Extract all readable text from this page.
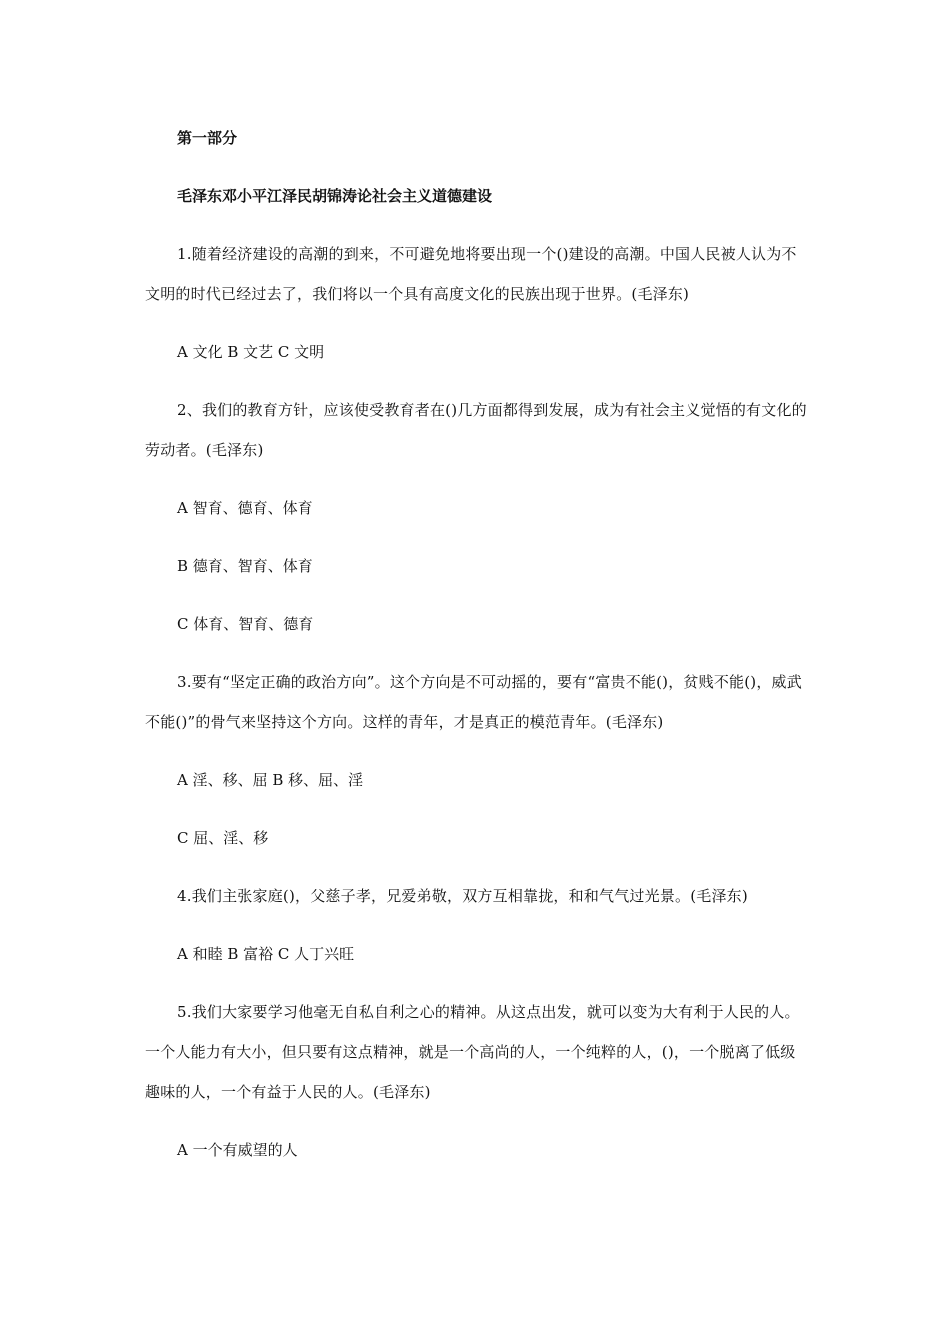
第一部分
毛泽东邓小平江泽民胡锦涛论社会主义道德建设
1.随着经济建设的高潮的到来，不可避免地将要出现一个()建设的高潮。中国人民被人认为不文明的时代已经过去了，我们将以一个具有高度文化的民族出现于世界。(毛泽东)
A 文化 B 文艺 C 文明
2、我们的教育方针，应该使受教育者在()几方面都得到发展，成为有社会主义觉悟的有文化的劳动者。(毛泽东)
A 智育、德育、体育
B 德育、智育、体育
C 体育、智育、德育
3.要有“坚定正确的政治方向”。这个方向是不可动摇的，要有“富贵不能()，贫贱不能()，威武不能()”的骨气来坚持这个方向。这样的青年，才是真正的模范青年。(毛泽东)
A 淫、移、屈 B 移、屈、淫
C 屈、淫、移
4.我们主张家庭()，父慈子孝，兄爱弟敬，双方互相靠拢，和和气气过光景。(毛泽东)
A 和睦 B 富裕 C 人丁兴旺
5.我们大家要学习他毫无自私自利之心的精神。从这点出发，就可以变为大有利于人民的人。一个人能力有大小，但只要有这点精神，就是一个高尚的人，一个纯粹的人，()，一个脱离了低级趣味的人，一个有益于人民的人。(毛泽东)
A 一个有威望的人
